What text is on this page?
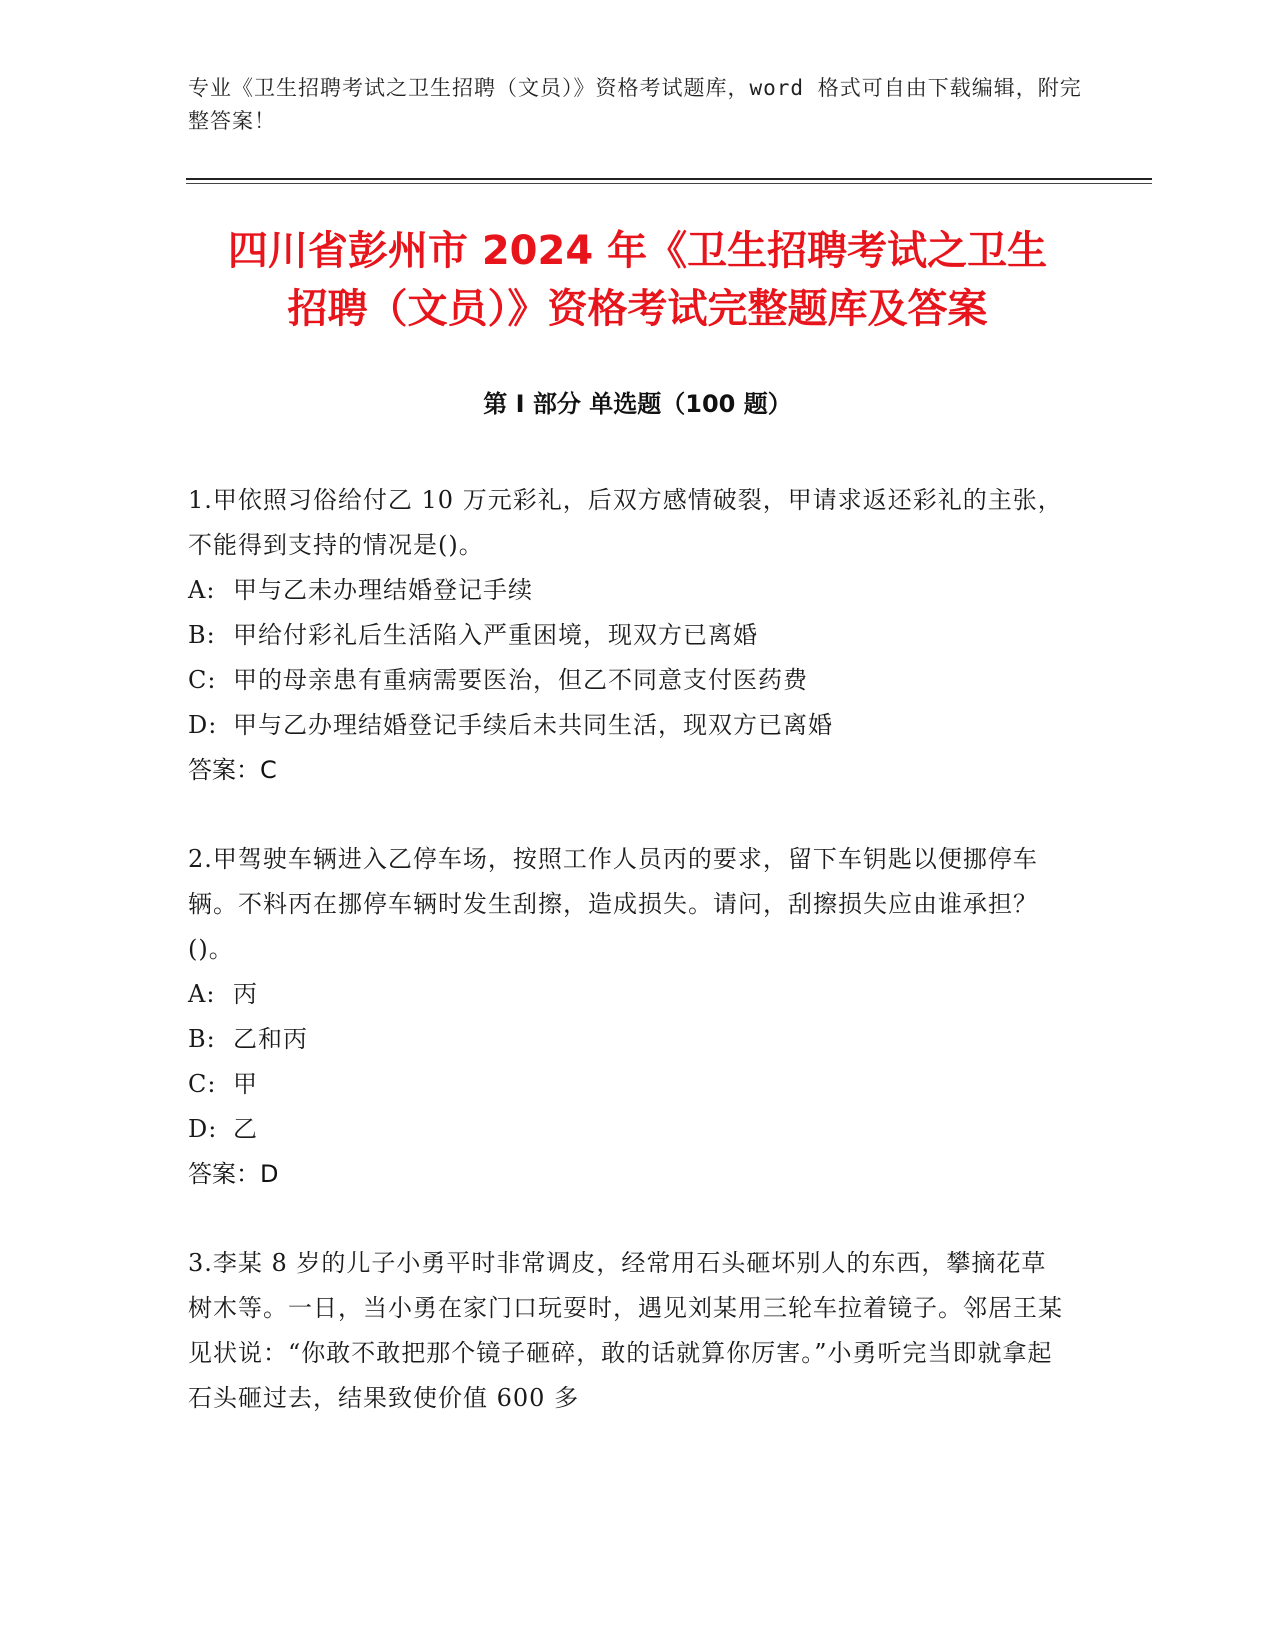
专业《卫生招聘考试之卫生招聘（文员）》资格考试题库，word 格式可自由下载编辑，附完整答案！
四川省彭州市 2024 年《卫生招聘考试之卫生
招聘（文员）》资格考试完整题库及答案
第 I 部分 单选题（100 题）
1.甲依照习俗给付乙 10 万元彩礼，后双方感情破裂，甲请求返还彩礼的主张，不能得到支持的情况是()。
A: 甲与乙未办理结婚登记手续
B: 甲给付彩礼后生活陷入严重困境，现双方已离婚
C: 甲的母亲患有重病需要医治，但乙不同意支付医药费
D: 甲与乙办理结婚登记手续后未共同生活，现双方已离婚
答案：C
2.甲驾驶车辆进入乙停车场，按照工作人员丙的要求，留下车钥匙以便挪停车辆。不料丙在挪停车辆时发生刮擦，造成损失。请问，刮擦损失应由谁承担？()。
A: 丙
B: 乙和丙
C: 甲
D: 乙
答案：D
3.李某 8 岁的儿子小勇平时非常调皮，经常用石头砸坏别人的东西，攀摘花草树木等。一日，当小勇在家门口玩耍时，遇见刘某用三轮车拉着镜子。邻居王某见状说：“你敢不敢把那个镜子砸碎，敢的话就算你厉害。”小勇听完当即就拿起石头砸过去，结果致使价值 600 多
